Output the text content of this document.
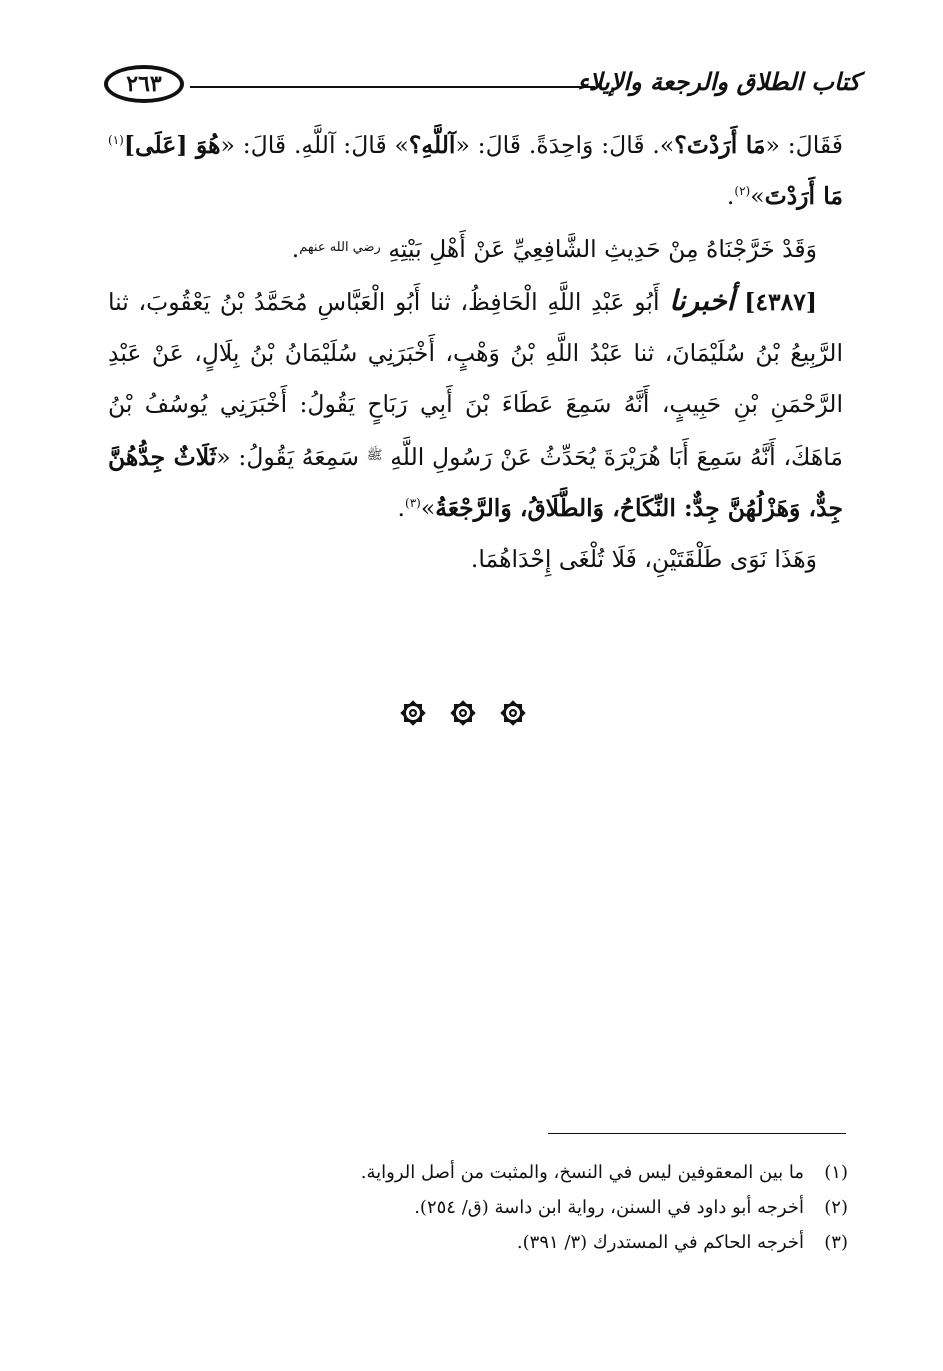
٢٦٣	كتاب الطلاق والرجعة والإيلاء

فَقَالَ: «مَا أَرَدْتَ؟». قَالَ: وَاحِدَةً. قَالَ: «آللَّهِ؟» قَالَ: آللَّهِ. قَالَ: «هُوَ [عَلَى]$^{(١)}$ مَا أَرَدْتَ»$^{(٢)}$.

وَقَدْ خَرَّجْنَاهُ مِنْ حَدِيثِ الشَّافِعِيِّ عَنْ أَهْلِ بَيْتِهِ $^{رضي الله عنهم}$.

[٤٣٨٧] أخبرنا أَبُو عَبْدِ اللَّهِ الْحَافِظُ، ثنا أَبُو الْعَبَّاسِ مُحَمَّدُ بْنُ يَعْقُوبَ، ثنا الرَّبِيعُ بْنُ سُلَيْمَانَ، ثنا عَبْدُ اللَّهِ بْنُ وَهْبٍ، أَخْبَرَنِي سُلَيْمَانُ بْنُ بِلَالٍ، عَنْ عَبْدِ الرَّحْمَنِ بْنِ حَبِيبٍ، أَنَّهُ سَمِعَ عَطَاءَ بْنَ أَبِي رَبَاحٍ يَقُولُ: أَخْبَرَنِي يُوسُفُ بْنُ مَاهَكَ، أَنَّهُ سَمِعَ أَبَا هُرَيْرَةَ يُحَدِّثُ عَنْ رَسُولِ اللَّهِ $^ﷺ$ سَمِعَهُ يَقُولُ: «ثَلَاثٌ جِدُّهُنَّ جِدٌّ، وَهَزْلُهُنَّ جِدٌّ: النِّكَاحُ، وَالطَّلَاقُ، وَالرَّجْعَةُ»$^{(٣)}$.

وَهَذَا نَوَى طَلْقَتَيْنِ، فَلَا تُلْغَى إِحْدَاهُمَا.

(١)
ما بين المعقوفين ليس في النسخ، والمثبت من أصل الرواية.
(٢)
أخرجه أبو داود في السنن، رواية ابن داسة (ق/ ٢٥٤).
(٣)
أخرجه الحاكم في المستدرك (٣/ ٣٩١).
